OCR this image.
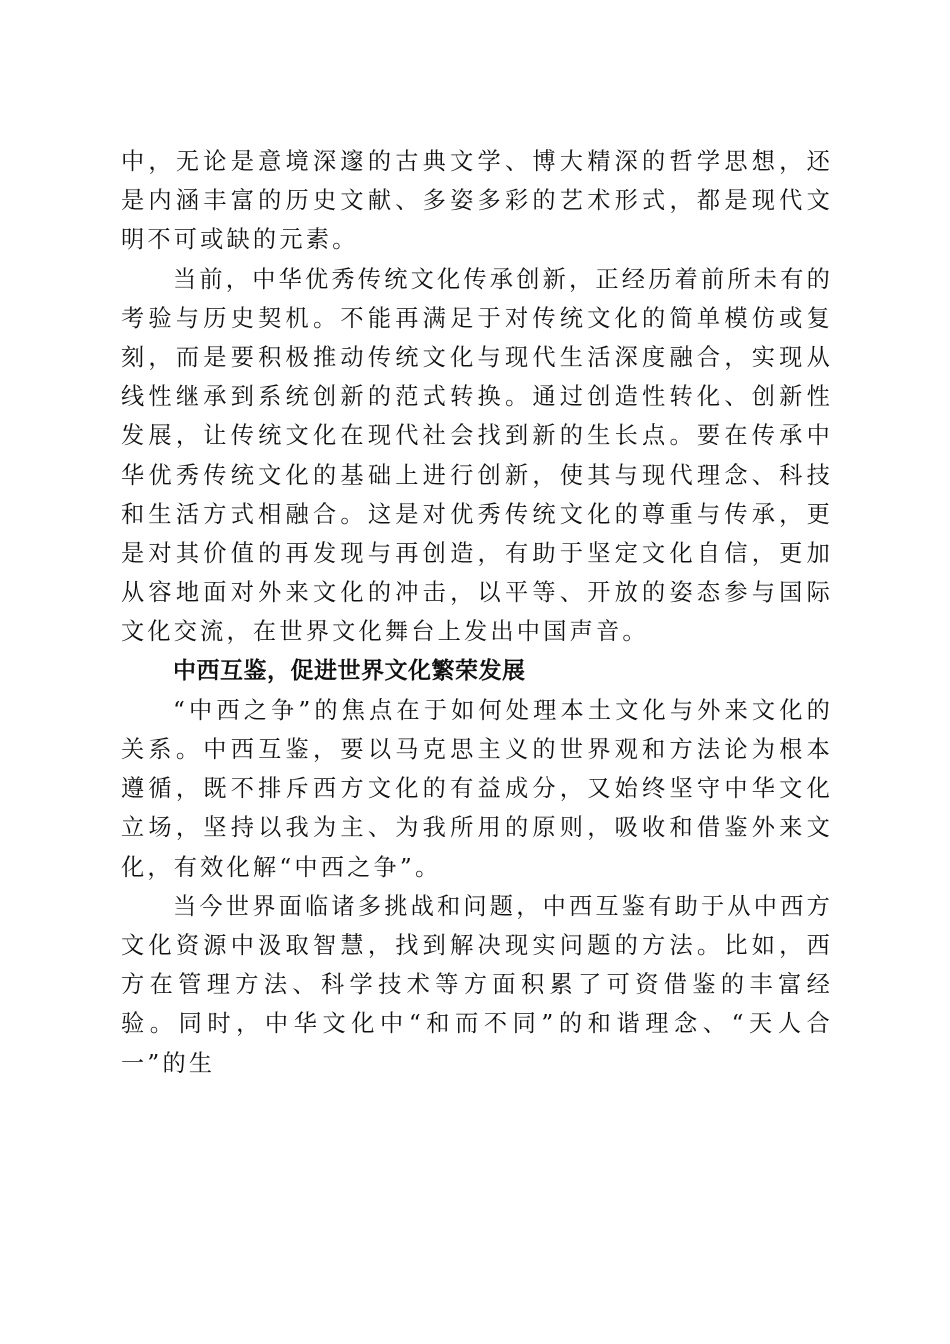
中，无论是意境深邃的古典文学、博大精深的哲学思想，还是内涵丰富的历史文献、多姿多彩的艺术形式，都是现代文明不可或缺的元素。

当前，中华优秀传统文化传承创新，正经历着前所未有的考验与历史契机。不能再满足于对传统文化的简单模仿或复刻，而是要积极推动传统文化与现代生活深度融合，实现从线性继承到系统创新的范式转换。通过创造性转化、创新性发展，让传统文化在现代社会找到新的生长点。要在传承中华优秀传统文化的基础上进行创新，使其与现代理念、科技和生活方式相融合。这是对优秀传统文化的尊重与传承，更是对其价值的再发现与再创造，有助于坚定文化自信，更加从容地面对外来文化的冲击，以平等、开放的姿态参与国际文化交流，在世界文化舞台上发出中国声音。

中西互鉴，促进世界文化繁荣发展

“中西之争”的焦点在于如何处理本土文化与外来文化的关系。中西互鉴，要以马克思主义的世界观和方法论为根本遵循，既不排斥西方文化的有益成分，又始终坚守中华文化立场，坚持以我为主、为我所用的原则，吸收和借鉴外来文化，有效化解“中西之争”。

当今世界面临诸多挑战和问题，中西互鉴有助于从中西方文化资源中汲取智慧，找到解决现实问题的方法。比如，西方在管理方法、科学技术等方面积累了可资借鉴的丰富经验。同时，中华文化中“和而不同”的和谐理念、“天人合一”的生
